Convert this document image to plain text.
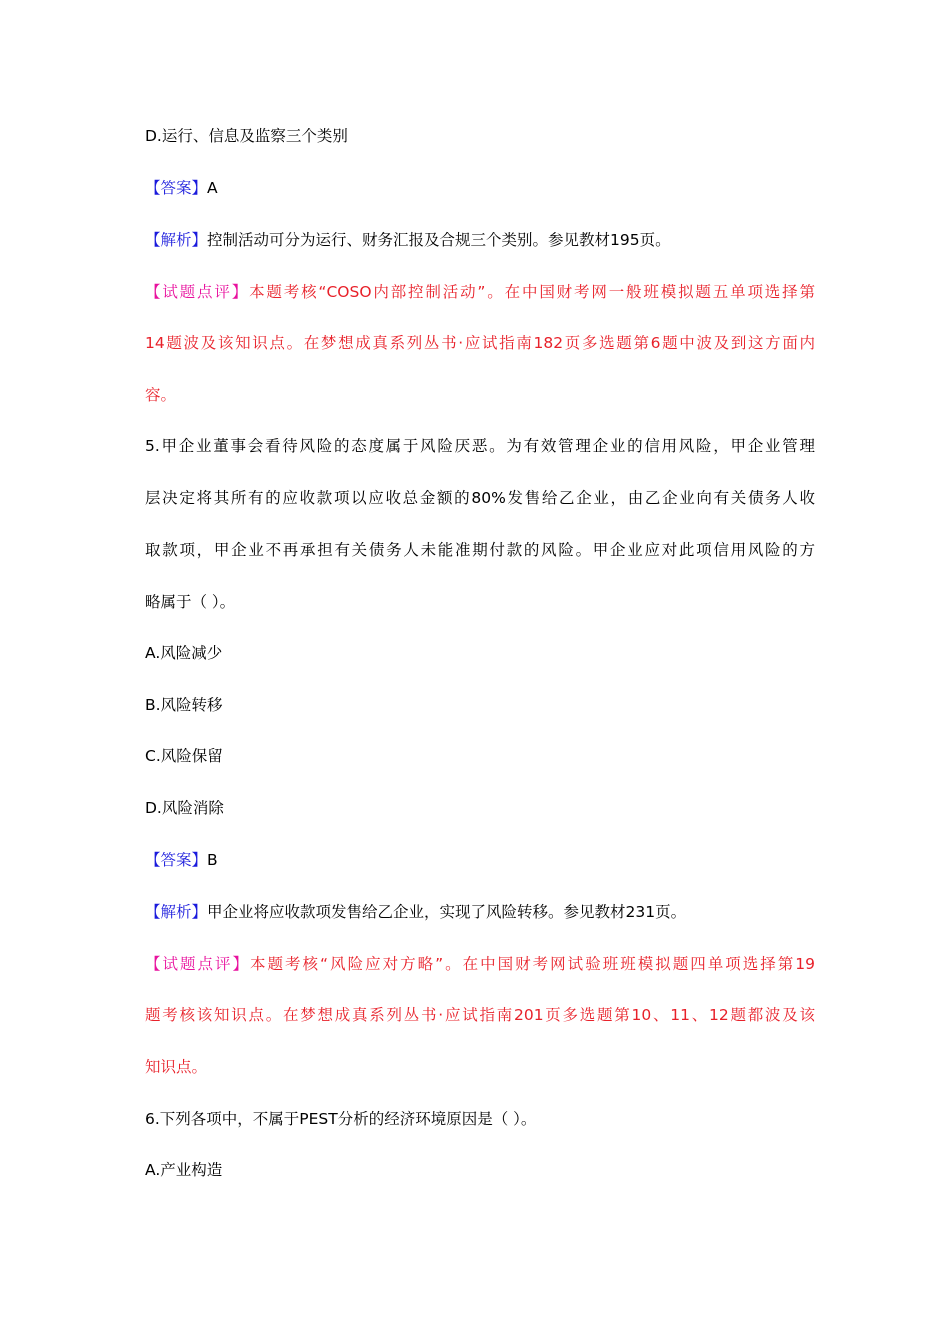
D.运行、信息及监察三个类别
【答案】A
【解析】控制活动可分为运行、财务汇报及合规三个类别。参见教材195页。
【试题点评】本题考核“COSO内部控制活动”。在中国财考网一般班模拟题五单项选择第
14题波及该知识点。在梦想成真系列丛书·应试指南182页多选题第6题中波及到这方面内
容。
5.甲企业董事会看待风险的态度属于风险厌恶。为有效管理企业的信用风险，甲企业管理
层决定将其所有的应收款项以应收总金额的80%发售给乙企业，由乙企业向有关债务人收
取款项，甲企业不再承担有关债务人未能准期付款的风险。甲企业应对此项信用风险的方
略属于（ ）。
A.风险减少
B.风险转移
C.风险保留
D.风险消除
【答案】B
【解析】甲企业将应收款项发售给乙企业，实现了风险转移。参见教材231页。
【试题点评】本题考核“风险应对方略”。在中国财考网试验班班模拟题四单项选择第19
题考核该知识点。在梦想成真系列丛书·应试指南201页多选题第10、11、12题都波及该
知识点。
6.下列各项中，不属于PEST分析的经济环境原因是（ ）。
A.产业构造
